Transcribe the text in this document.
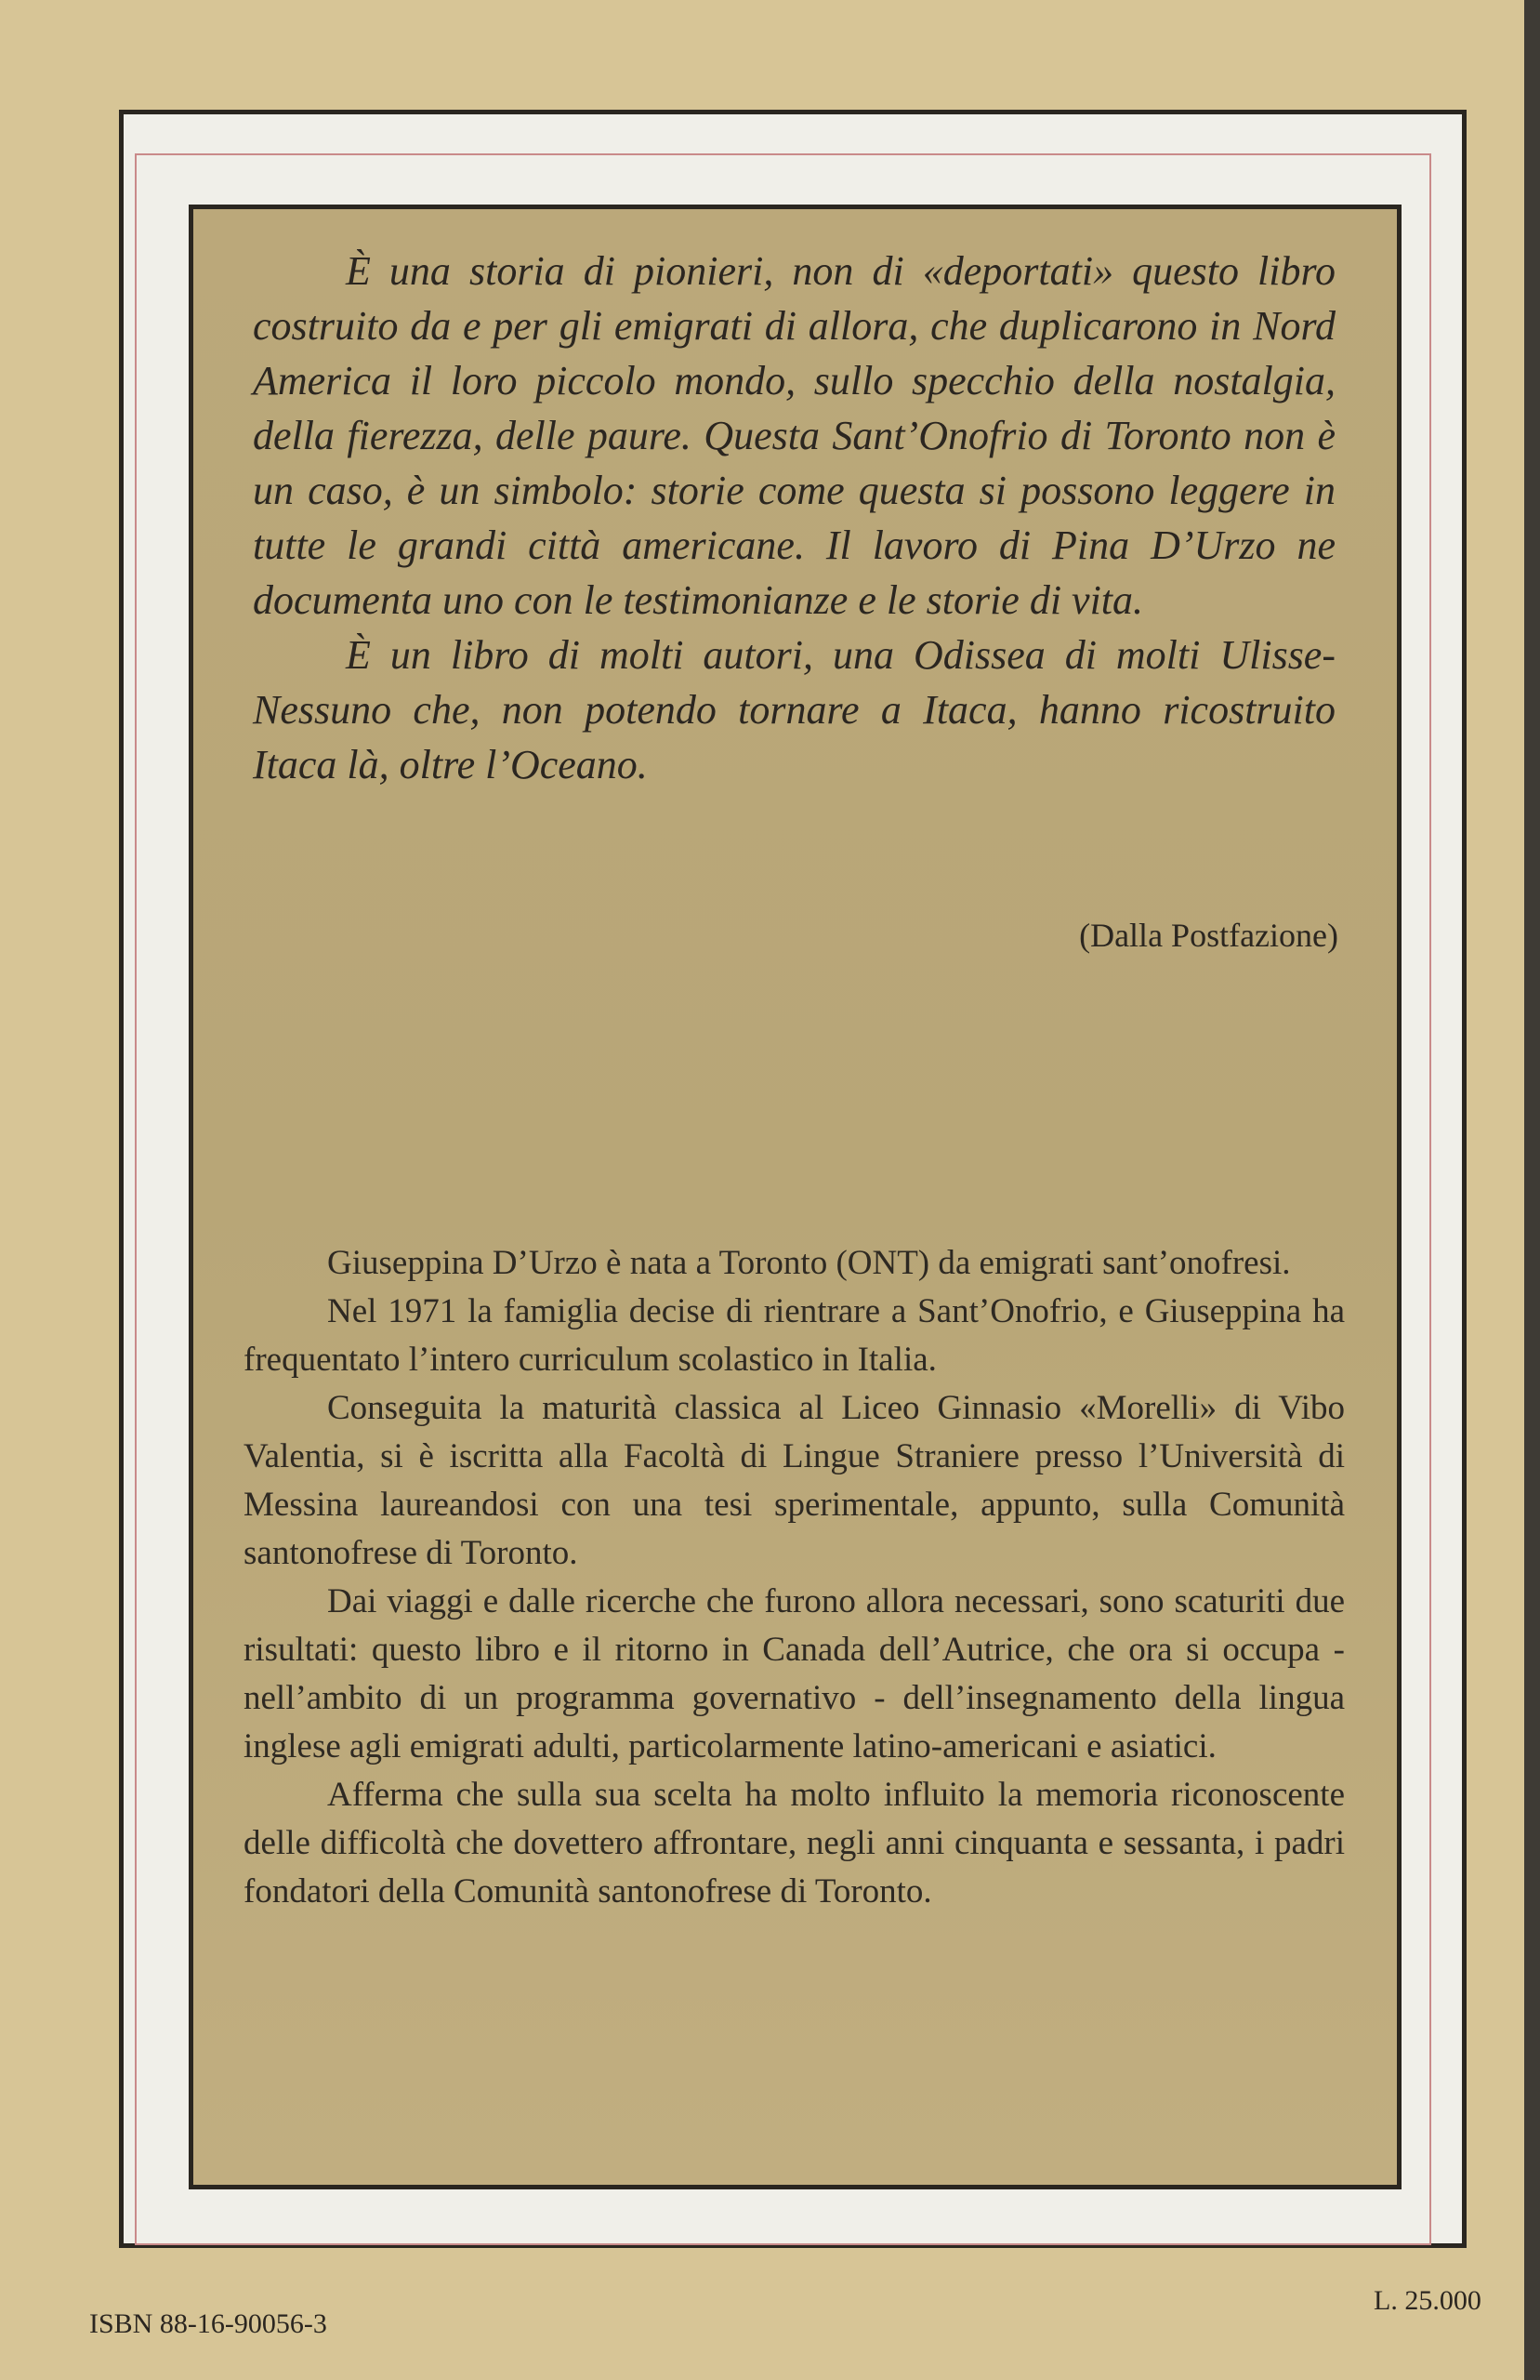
È una storia di pionieri, non di «deportati» questo libro costruito da e per gli emigrati di allora, che duplicarono in Nord America il loro piccolo mondo, sullo specchio della nostalgia, della fierezza, delle paure. Questa Sant’Onofrio di Toronto non è un caso, è un simbolo: storie come questa si possono leggere in tutte le grandi città americane. Il lavoro di Pina D’Urzo ne documenta uno con le testimonianze e le storie di vita.

È un libro di molti autori, una Odissea di molti Ulisse-Nessuno che, non potendo tornare a Itaca, hanno ricostruito Itaca là, oltre l’Oceano.

(Dalla Postfazione)

Giuseppina D’Urzo è nata a Toronto (ONT) da emigrati sant’onofresi.

Nel 1971 la famiglia decise di rientrare a Sant’Onofrio, e Giuseppina ha frequentato l’intero curriculum scolastico in Italia.

Conseguita la maturità classica al Liceo Ginnasio «Morelli» di Vibo Valentia, si è iscritta alla Facoltà di Lingue Straniere presso l’Università di Messina laureandosi con una tesi sperimentale, appunto, sulla Comunità santonofrese di Toronto.

Dai viaggi e dalle ricerche che furono allora necessari, sono scaturiti due risultati: questo libro e il ritorno in Canada dell’Autrice, che ora si occupa - nell’ambito di un programma governativo - dell’insegnamento della lingua inglese agli emigrati adulti, particolarmente latino-americani e asiatici.

Afferma che sulla sua scelta ha molto influito la memoria riconoscente delle difficoltà che dovettero affrontare, negli anni cinquanta e sessanta, i padri fondatori della Comunità santonofrese di Toronto.

ISBN 88-16-90056-3
L. 25.000
